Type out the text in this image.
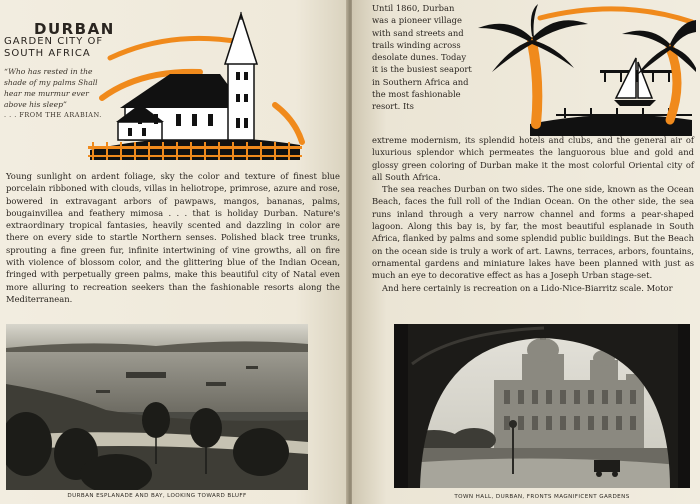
DURBAN
GARDEN CITY OF SOUTH AFRICA
“Who has rested in the shade of my palms Shall hear me murmur ever above his sleep”
. . . FROM THE ARABIAN.
Young sunlight on ardent foliage, sky the color and texture of finest blue porcelain ribboned with clouds, villas in heliotrope, primrose, azure and rose, bowered in extravagant arbors of pawpaws, mangos, bananas, palms, bougainvillea and feathery mimosa . . . that is holiday Durban. Nature's extraordinary tropical fantasies, heavily scented and dazzling in color are there on every side to startle Northern senses. Polished black tree trunks, sprouting a fine green fur, infinite intertwining of vine growths, all on fire with violence of blossom color, and the glittering blue of the Indian Ocean, fringed with perpetually green palms, make this beautiful city of Natal even more alluring to recreation seekers than the fashionable resorts along the Mediterranean.
DURBAN ESPLANADE AND BAY, LOOKING TOWARD BLUFF
Until 1860, Durban was a pioneer village with sand streets and trails winding across desolate dunes. Today it is the busiest seaport in Southern Africa and the most fashionable resort. Its

extreme modernism, its splendid hotels and clubs, and the general air of luxurious splendor which permeates the languorous blue and gold and glossy green coloring of Durban make it the most colorful Oriental city of all South Africa.

The sea reaches Durban on two sides. The one side, known as the Ocean Beach, faces the full roll of the Indian Ocean. On the other side, the sea runs inland through a very narrow channel and forms a pear-shaped lagoon. Along this bay is, by far, the most beautiful esplanade in South Africa, flanked by palms and some splendid public buildings. But the Beach on the ocean side is truly a work of art. Lawns, terraces, arbors, fountains, ornamental gardens and miniature lakes have been planned with just as much an eye to decorative effect as has a Joseph Urban stage-set.

And here certainly is recreation on a Lido-Nice-Biarritz scale. Motor

TOWN HALL, DURBAN, FRONTS MAGNIFICENT GARDENS
